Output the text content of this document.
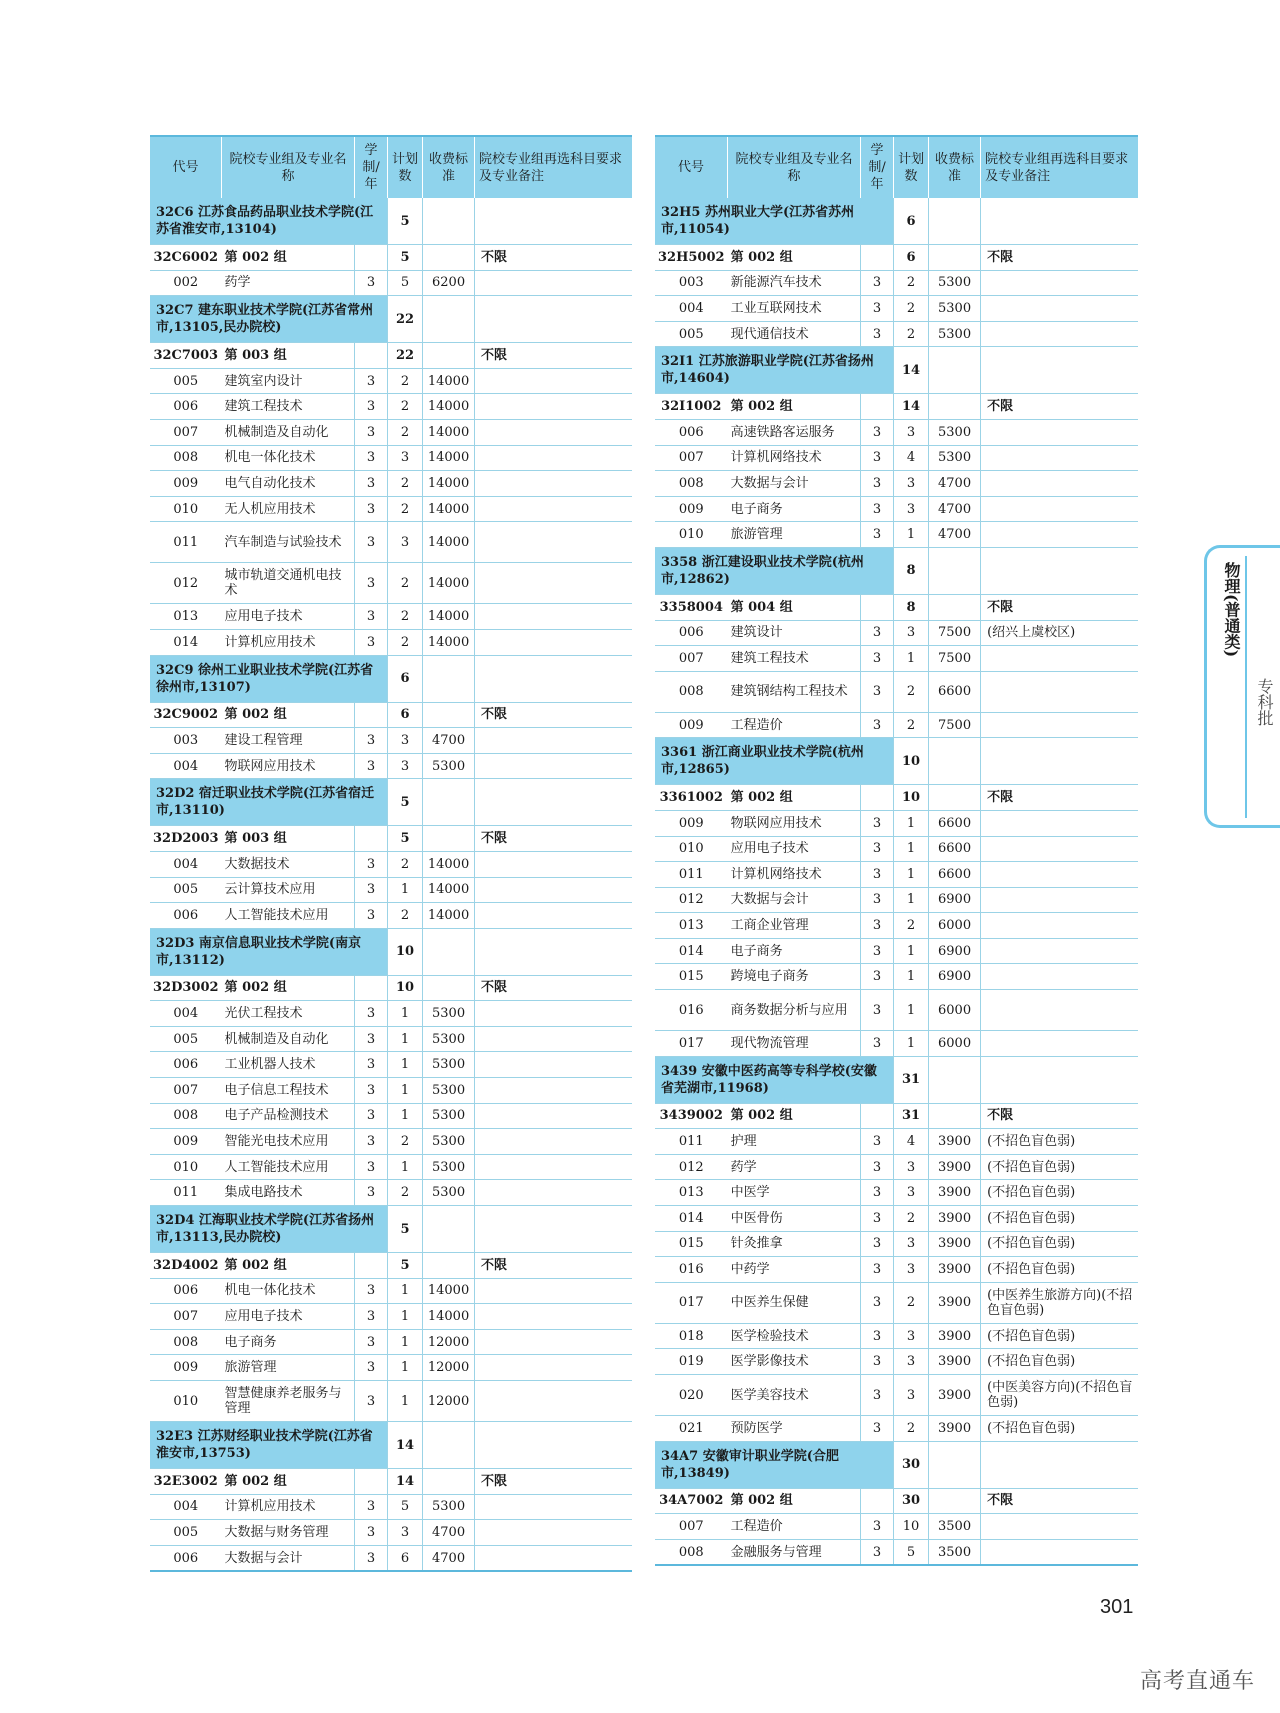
代号	院校专业组及专业名称	学制/年	计划数	收费标准	院校专业组再选科目要求及专业备注
32C6 江苏食品药品职业技术学院(江苏省淮安市,13104)			5		
32C6002	第 002 组		5		不限
002	药学	3	5	6200	
32C7 建东职业技术学院(江苏省常州市,13105,民办院校)			22		
32C7003	第 003 组		22		不限
005	建筑室内设计	3	2	14000	
006	建筑工程技术	3	2	14000	
007	机械制造及自动化	3	2	14000	
008	机电一体化技术	3	3	14000	
009	电气自动化技术	3	2	14000	
010	无人机应用技术	3	2	14000	
011	汽车制造与试验技术	3	3	14000	
012	城市轨道交通机电技术	3	2	14000	
013	应用电子技术	3	2	14000	
014	计算机应用技术	3	2	14000	
32C9 徐州工业职业技术学院(江苏省徐州市,13107)			6		
32C9002	第 002 组		6		不限
003	建设工程管理	3	3	4700	
004	物联网应用技术	3	3	5300	
32D2 宿迁职业技术学院(江苏省宿迁市,13110)			5		
32D2003	第 003 组		5		不限
004	大数据技术	3	2	14000	
005	云计算技术应用	3	1	14000	
006	人工智能技术应用	3	2	14000	
32D3 南京信息职业技术学院(南京市,13112)			10		
32D3002	第 002 组		10		不限
004	光伏工程技术	3	1	5300	
005	机械制造及自动化	3	1	5300	
006	工业机器人技术	3	1	5300	
007	电子信息工程技术	3	1	5300	
008	电子产品检测技术	3	1	5300	
009	智能光电技术应用	3	2	5300	
010	人工智能技术应用	3	1	5300	
011	集成电路技术	3	2	5300	
32D4 江海职业技术学院(江苏省扬州市,13113,民办院校)			5		
32D4002	第 002 组		5		不限
006	机电一体化技术	3	1	14000	
007	应用电子技术	3	1	14000	
008	电子商务	3	1	12000	
009	旅游管理	3	1	12000	
010	智慧健康养老服务与管理	3	1	12000	
32E3 江苏财经职业技术学院(江苏省淮安市,13753)			14		
32E3002	第 002 组		14		不限
004	计算机应用技术	3	5	5300	
005	大数据与财务管理	3	3	4700	
006	大数据与会计	3	6	4700	
代号	院校专业组及专业名称	学制/年	计划数	收费标准	院校专业组再选科目要求及专业备注
32H5 苏州职业大学(江苏省苏州市,11054)			6		
32H5002	第 002 组		6		不限
003	新能源汽车技术	3	2	5300	
004	工业互联网技术	3	2	5300	
005	现代通信技术	3	2	5300	
32I1 江苏旅游职业学院(江苏省扬州市,14604)			14		
32I1002	第 002 组		14		不限
006	高速铁路客运服务	3	3	5300	
007	计算机网络技术	3	4	5300	
008	大数据与会计	3	3	4700	
009	电子商务	3	3	4700	
010	旅游管理	3	1	4700	
3358 浙江建设职业技术学院(杭州市,12862)			8		
3358004	第 004 组		8		不限
006	建筑设计	3	3	7500	(绍兴上虞校区)
007	建筑工程技术	3	1	7500	
008	建筑钢结构工程技术	3	2	6600	
009	工程造价	3	2	7500	
3361 浙江商业职业技术学院(杭州市,12865)			10		
3361002	第 002 组		10		不限
009	物联网应用技术	3	1	6600	
010	应用电子技术	3	1	6600	
011	计算机网络技术	3	1	6600	
012	大数据与会计	3	1	6900	
013	工商企业管理	3	2	6000	
014	电子商务	3	1	6900	
015	跨境电子商务	3	1	6900	
016	商务数据分析与应用	3	1	6000	
017	现代物流管理	3	1	6000	
3439 安徽中医药高等专科学校(安徽省芜湖市,11968)			31		
3439002	第 002 组		31		不限
011	护理	3	4	3900	(不招色盲色弱)
012	药学	3	3	3900	(不招色盲色弱)
013	中医学	3	3	3900	(不招色盲色弱)
014	中医骨伤	3	2	3900	(不招色盲色弱)
015	针灸推拿	3	3	3900	(不招色盲色弱)
016	中药学	3	3	3900	(不招色盲色弱)
017	中医养生保健	3	2	3900	(中医养生旅游方向)(不招色盲色弱)
018	医学检验技术	3	3	3900	(不招色盲色弱)
019	医学影像技术	3	3	3900	(不招色盲色弱)
020	医学美容技术	3	3	3900	(中医美容方向)(不招色盲色弱)
021	预防医学	3	2	3900	(不招色盲色弱)
34A7 安徽审计职业学院(合肥市,13849)			30		
34A7002	第 002 组		30		不限
007	工程造价	3	10	3500	
008	金融服务与管理	3	5	3500	
物理(普通类)
专科批
301
高考直通车
